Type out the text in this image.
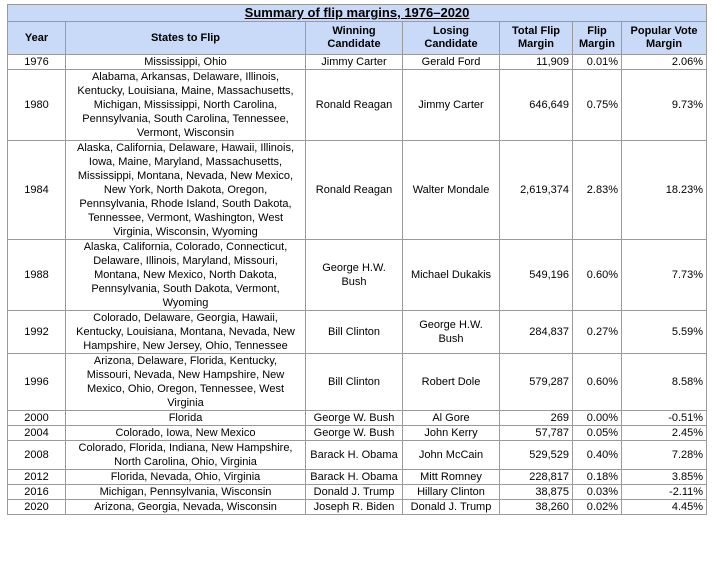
Summary of flip margins, 1976–2020						
Year	States to Flip	Winning Candidate	Losing Candidate	Total Flip Margin	Flip Margin	Popular Vote Margin
1976	Mississippi, Ohio	Jimmy Carter	Gerald Ford	11,909	0.01%	2.06%
1980	Alabama, Arkansas, Delaware, Illinois, Kentucky, Louisiana, Maine, Massachusetts, Michigan, Mississippi, North Carolina, Pennsylvania, South Carolina, Tennessee, Vermont, Wisconsin	Ronald Reagan	Jimmy Carter	646,649	0.75%	9.73%
1984	Alaska, California, Delaware, Hawaii, Illinois, Iowa, Maine, Maryland, Massachusetts, Mississippi, Montana, Nevada, New Mexico, New York, North Dakota, Oregon, Pennsylvania, Rhode Island, South Dakota, Tennessee, Vermont, Washington, West Virginia, Wisconsin, Wyoming	Ronald Reagan	Walter Mondale	2,619,374	2.83%	18.23%
1988	Alaska, California, Colorado, Connecticut, Delaware, Illinois, Maryland, Missouri, Montana, New Mexico, North Dakota, Pennsylvania, South Dakota, Vermont, Wyoming	George H.W. Bush	Michael Dukakis	549,196	0.60%	7.73%
1992	Colorado, Delaware, Georgia, Hawaii, Kentucky, Louisiana, Montana, Nevada, New Hampshire, New Jersey, Ohio, Tennessee	Bill Clinton	George H.W. Bush	284,837	0.27%	5.59%
1996	Arizona, Delaware, Florida, Kentucky, Missouri, Nevada, New Hampshire, New Mexico, Ohio, Oregon, Tennessee, West Virginia	Bill Clinton	Robert Dole	579,287	0.60%	8.58%
2000	Florida	George W. Bush	Al Gore	269	0.00%	-0.51%
2004	Colorado, Iowa, New Mexico	George W. Bush	John Kerry	57,787	0.05%	2.45%
2008	Colorado, Florida, Indiana, New Hampshire, North Carolina, Ohio, Virginia	Barack H. Obama	John McCain	529,529	0.40%	7.28%
2012	Florida, Nevada, Ohio, Virginia	Barack H. Obama	Mitt Romney	228,817	0.18%	3.85%
2016	Michigan, Pennsylvania, Wisconsin	Donald J. Trump	Hillary Clinton	38,875	0.03%	-2.11%
2020	Arizona, Georgia, Nevada, Wisconsin	Joseph R. Biden	Donald J. Trump	38,260	0.02%	4.45%
